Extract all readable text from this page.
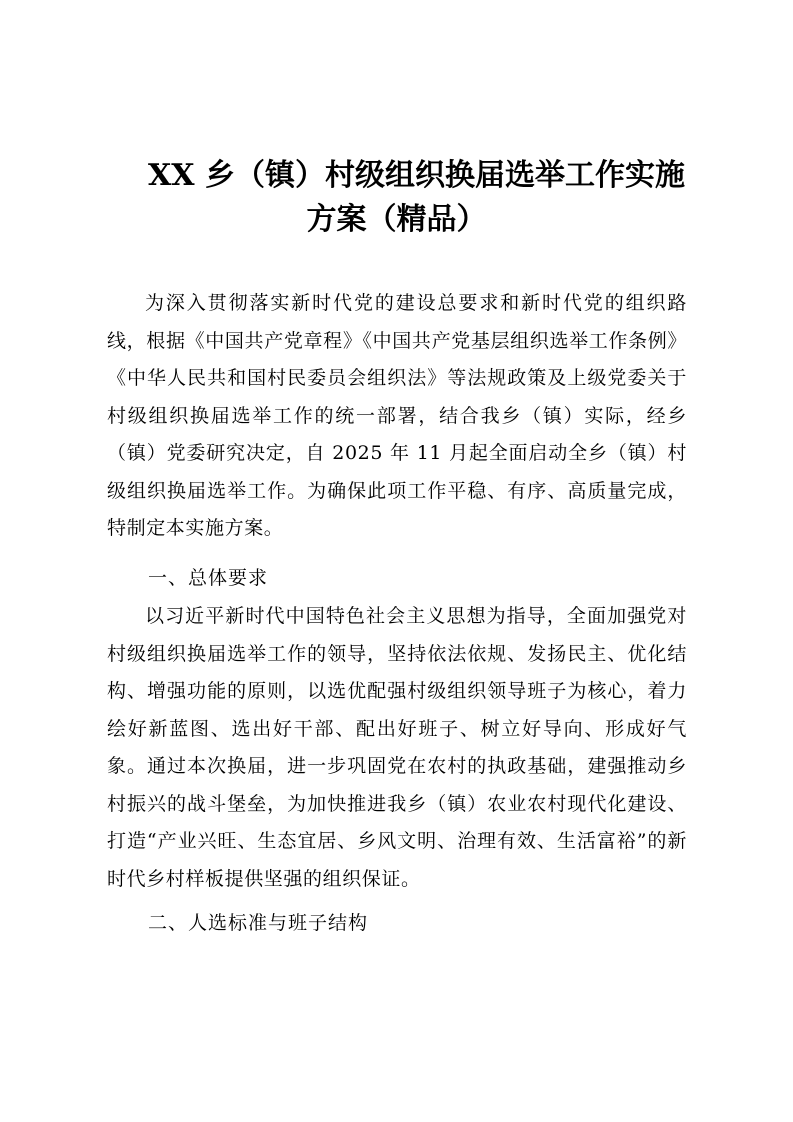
XX 乡（镇）村级组织换届选举工作实施
方案（精品）
为深入贯彻落实新时代党的建设总要求和新时代党的组织路线，根据《中国共产党章程》《中国共产党基层组织选举工作条例》《中华人民共和国村民委员会组织法》等法规政策及上级党委关于村级组织换届选举工作的统一部署，结合我乡（镇）实际，经乡（镇）党委研究决定，自 2025 年 11 月起全面启动全乡（镇）村级组织换届选举工作。为确保此项工作平稳、有序、高质量完成，特制定本实施方案。
一、总体要求
以习近平新时代中国特色社会主义思想为指导，全面加强党对村级组织换届选举工作的领导，坚持依法依规、发扬民主、优化结构、增强功能的原则，以选优配强村级组织领导班子为核心，着力绘好新蓝图、选出好干部、配出好班子、树立好导向、形成好气象。通过本次换届，进一步巩固党在农村的执政基础，建强推动乡村振兴的战斗堡垒，为加快推进我乡（镇）农业农村现代化建设、打造“产业兴旺、生态宜居、乡风文明、治理有效、生活富裕”的新时代乡村样板提供坚强的组织保证。
二、人选标准与班子结构
